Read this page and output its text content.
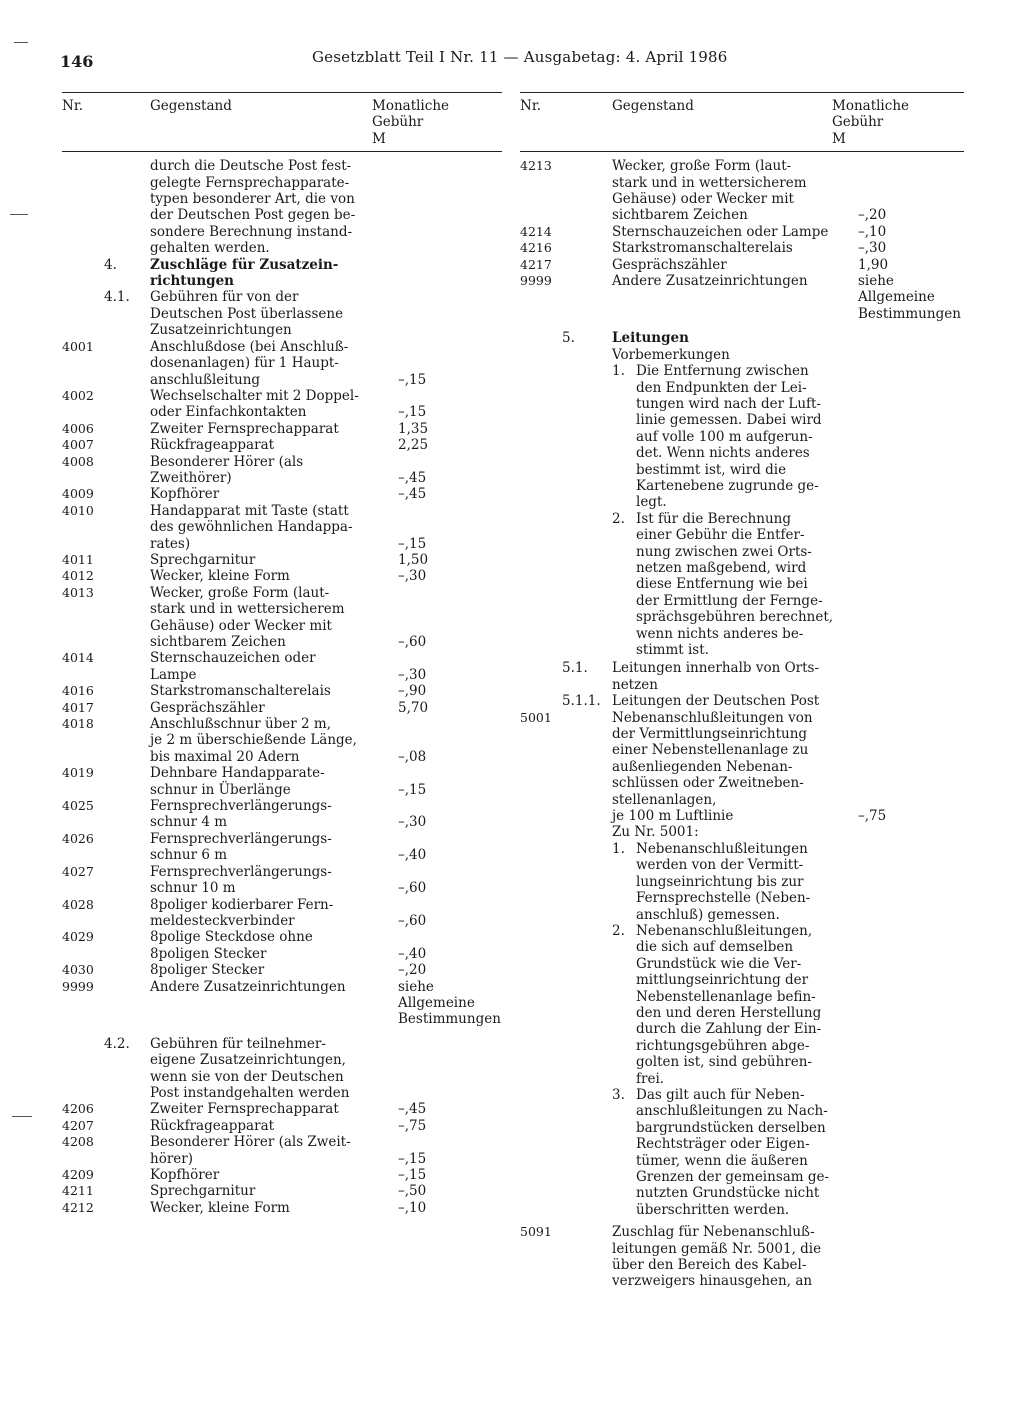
146	Gesetzblatt Teil I Nr. 11 — Ausgabetag: 4. April 1986
Nr.	Gegenstand	Monatliche
Gebühr
M
durch die Deutsche Post fest-
gelegte Fernsprechapparate-
typen besonderer Art, die von
der Deutschen Post gegen be-
sondere Berechnung instand-
gehalten werden.
4.	Zuschläge für Zusatzein-
richtungen
4.1.	Gebühren für von der
Deutschen Post überlassene
Zusatzeinrichtungen
4001	Anschlußdose (bei Anschluß-
dosenanlagen) für 1 Haupt-
anschlußleitung	–,15
4002	Wechselschalter mit 2 Doppel-
oder Einfachkontakten	–,15
4006	Zweiter Fernsprechapparat	1,35
4007	Rückfrageapparat	2,25
4008	Besonderer Hörer (als
Zweithörer)	–,45
4009	Kopfhörer	–,45
4010	Handapparat mit Taste (statt
des gewöhnlichen Handappa-
rates)	–,15
4011	Sprechgarnitur	1,50
4012	Wecker, kleine Form	–,30
4013	Wecker, große Form (laut-
stark und in wettersicherem
Gehäuse) oder Wecker mit
sichtbarem Zeichen	–,60
4014	Sternschauzeichen oder
Lampe	–,30
4016	Starkstromanschalterelais	–,90
4017	Gesprächszähler	5,70
4018	Anschlußschnur über 2 m,
je 2 m überschießende Länge,
bis maximal 20 Adern	–,08
4019	Dehnbare Handapparate-
schnur in Überlänge	–,15
4025	Fernsprechverlängerungs-
schnur 4 m	–,30
4026	Fernsprechverlängerungs-
schnur 6 m	–,40
4027	Fernsprechverlängerungs-
schnur 10 m	–,60
4028	8poliger kodierbarer Fern-
meldesteckverbinder	–,60
4029	8polige Steckdose ohne
8poligen Stecker	–,40
4030	8poliger Stecker	–,20
9999	Andere Zusatzeinrichtungen	siehe
Allgemeine
Bestimmungen
4.2.	Gebühren für teilnehmer-
eigene Zusatzeinrichtungen,
wenn sie von der Deutschen
Post instandgehalten werden
4206	Zweiter Fernsprechapparat	–,45
4207	Rückfrageapparat	–,75
4208	Besonderer Hörer (als Zweit-
hörer)	–,15
4209	Kopfhörer	–,15
4211	Sprechgarnitur	–,50
4212	Wecker, kleine Form	–,10
Nr.	Gegenstand	Monatliche
Gebühr
M
4213	Wecker, große Form (laut-
stark und in wettersicherem
Gehäuse) oder Wecker mit
sichtbarem Zeichen	–,20
4214	Sternschauzeichen oder Lampe	–,10
4216	Starkstromanschalterelais	–,30
4217	Gesprächszähler	1,90
9999	Andere Zusatzeinrichtungen	siehe
Allgemeine
Bestimmungen
5.	Leitungen
Vorbemerkungen
1. Die Entfernung zwischen
den Endpunkten der Lei-
tungen wird nach der Luft-
linie gemessen. Dabei wird
auf volle 100 m aufgerun-
det. Wenn nichts anderes
bestimmt ist, wird die
Kartenebene zugrunde ge-
legt.
2. Ist für die Berechnung
einer Gebühr die Entfer-
nung zwischen zwei Orts-
netzen maßgebend, wird
diese Entfernung wie bei
der Ermittlung der Fernge-
sprächsgebühren berechnet,
wenn nichts anderes be-
stimmt ist.
5.1.	Leitungen innerhalb von Orts-
netzen
5.1.1. Leitungen der Deutschen Post
5001	Nebenanschlußleitungen von
der Vermittlungseinrichtung
einer Nebenstellenanlage zu
außenliegenden Nebenan-
schlüssen oder Zweitneben-
stellenanlagen,
je 100 m Luftlinie	–,75
Zu Nr. 5001:
1. Nebenanschlußleitungen
werden von der Vermitt-
lungseinrichtung bis zur
Fernsprechstelle (Neben-
anschluß) gemessen.
2. Nebenanschlußleitungen,
die sich auf demselben
Grundstück wie die Ver-
mittlungseinrichtung der
Nebenstellenanlage befin-
den und deren Herstellung
durch die Zahlung der Ein-
richtungsgebühren abge-
golten ist, sind gebühren-
frei.
3. Das gilt auch für Neben-
anschlußleitungen zu Nach-
bargrundstücken derselben
Rechtsträger oder Eigen-
tümer, wenn die äußeren
Grenzen der gemeinsam ge-
nutzten Grundstücke nicht
überschritten werden.
5091	Zuschlag für Nebenanschluß-
leitungen gemäß Nr. 5001, die
über den Bereich des Kabel-
verzweigers hinausgehen, an
